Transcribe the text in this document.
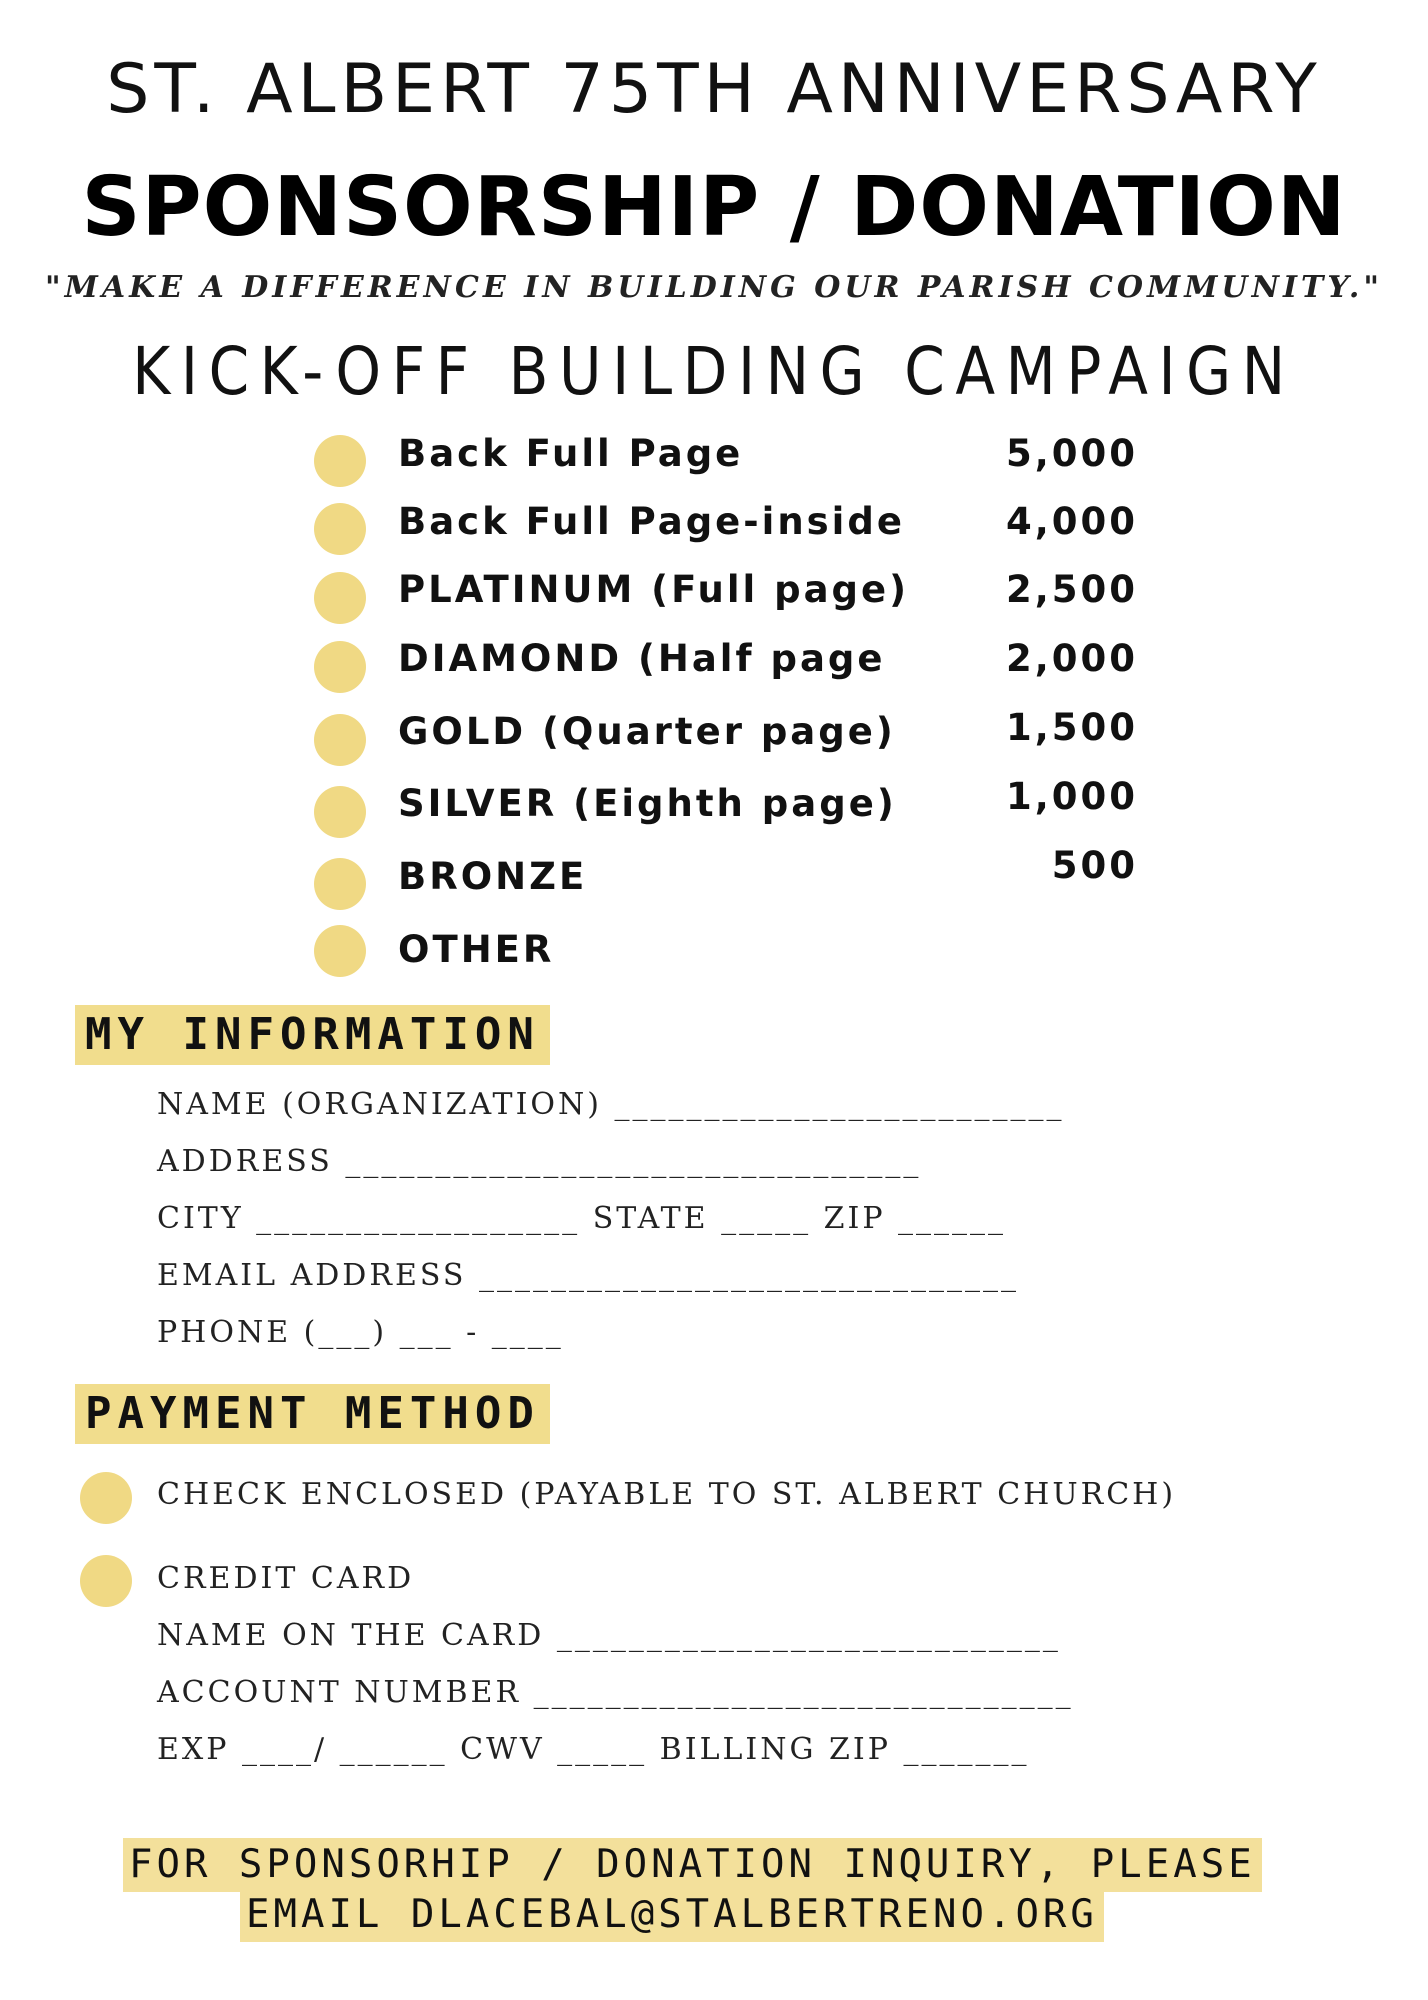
ST. ALBERT 75TH ANNIVERSARY
SPONSORSHIP / DONATION
"MAKE A DIFFERENCE IN BUILDING OUR PARISH COMMUNITY."
KICK-OFF BUILDING CAMPAIGN
Back Full Page	5,000
Back Full Page-inside	4,000
PLATINUM (Full page)	2,500
DIAMOND (Half page	2,000
GOLD (Quarter page)	1,500
SILVER (Eighth page)	1,000
BRONZE	500
OTHER
MY INFORMATION
NAME (ORGANIZATION) _________________________
ADDRESS ________________________________
CITY __________________ STATE _____ ZIP ______
EMAIL ADDRESS ______________________________
PHONE (___) ___ - ____
PAYMENT METHOD
CHECK ENCLOSED (PAYABLE TO ST. ALBERT CHURCH)
CREDIT CARD
NAME ON THE CARD ____________________________
ACCOUNT NUMBER ______________________________
EXP ____/ ______ CWV _____ BILLING ZIP _______
FOR SPONSORHIP / DONATION INQUIRY, PLEASE
EMAIL DLACEBAL@STALBERTRENO.ORG
